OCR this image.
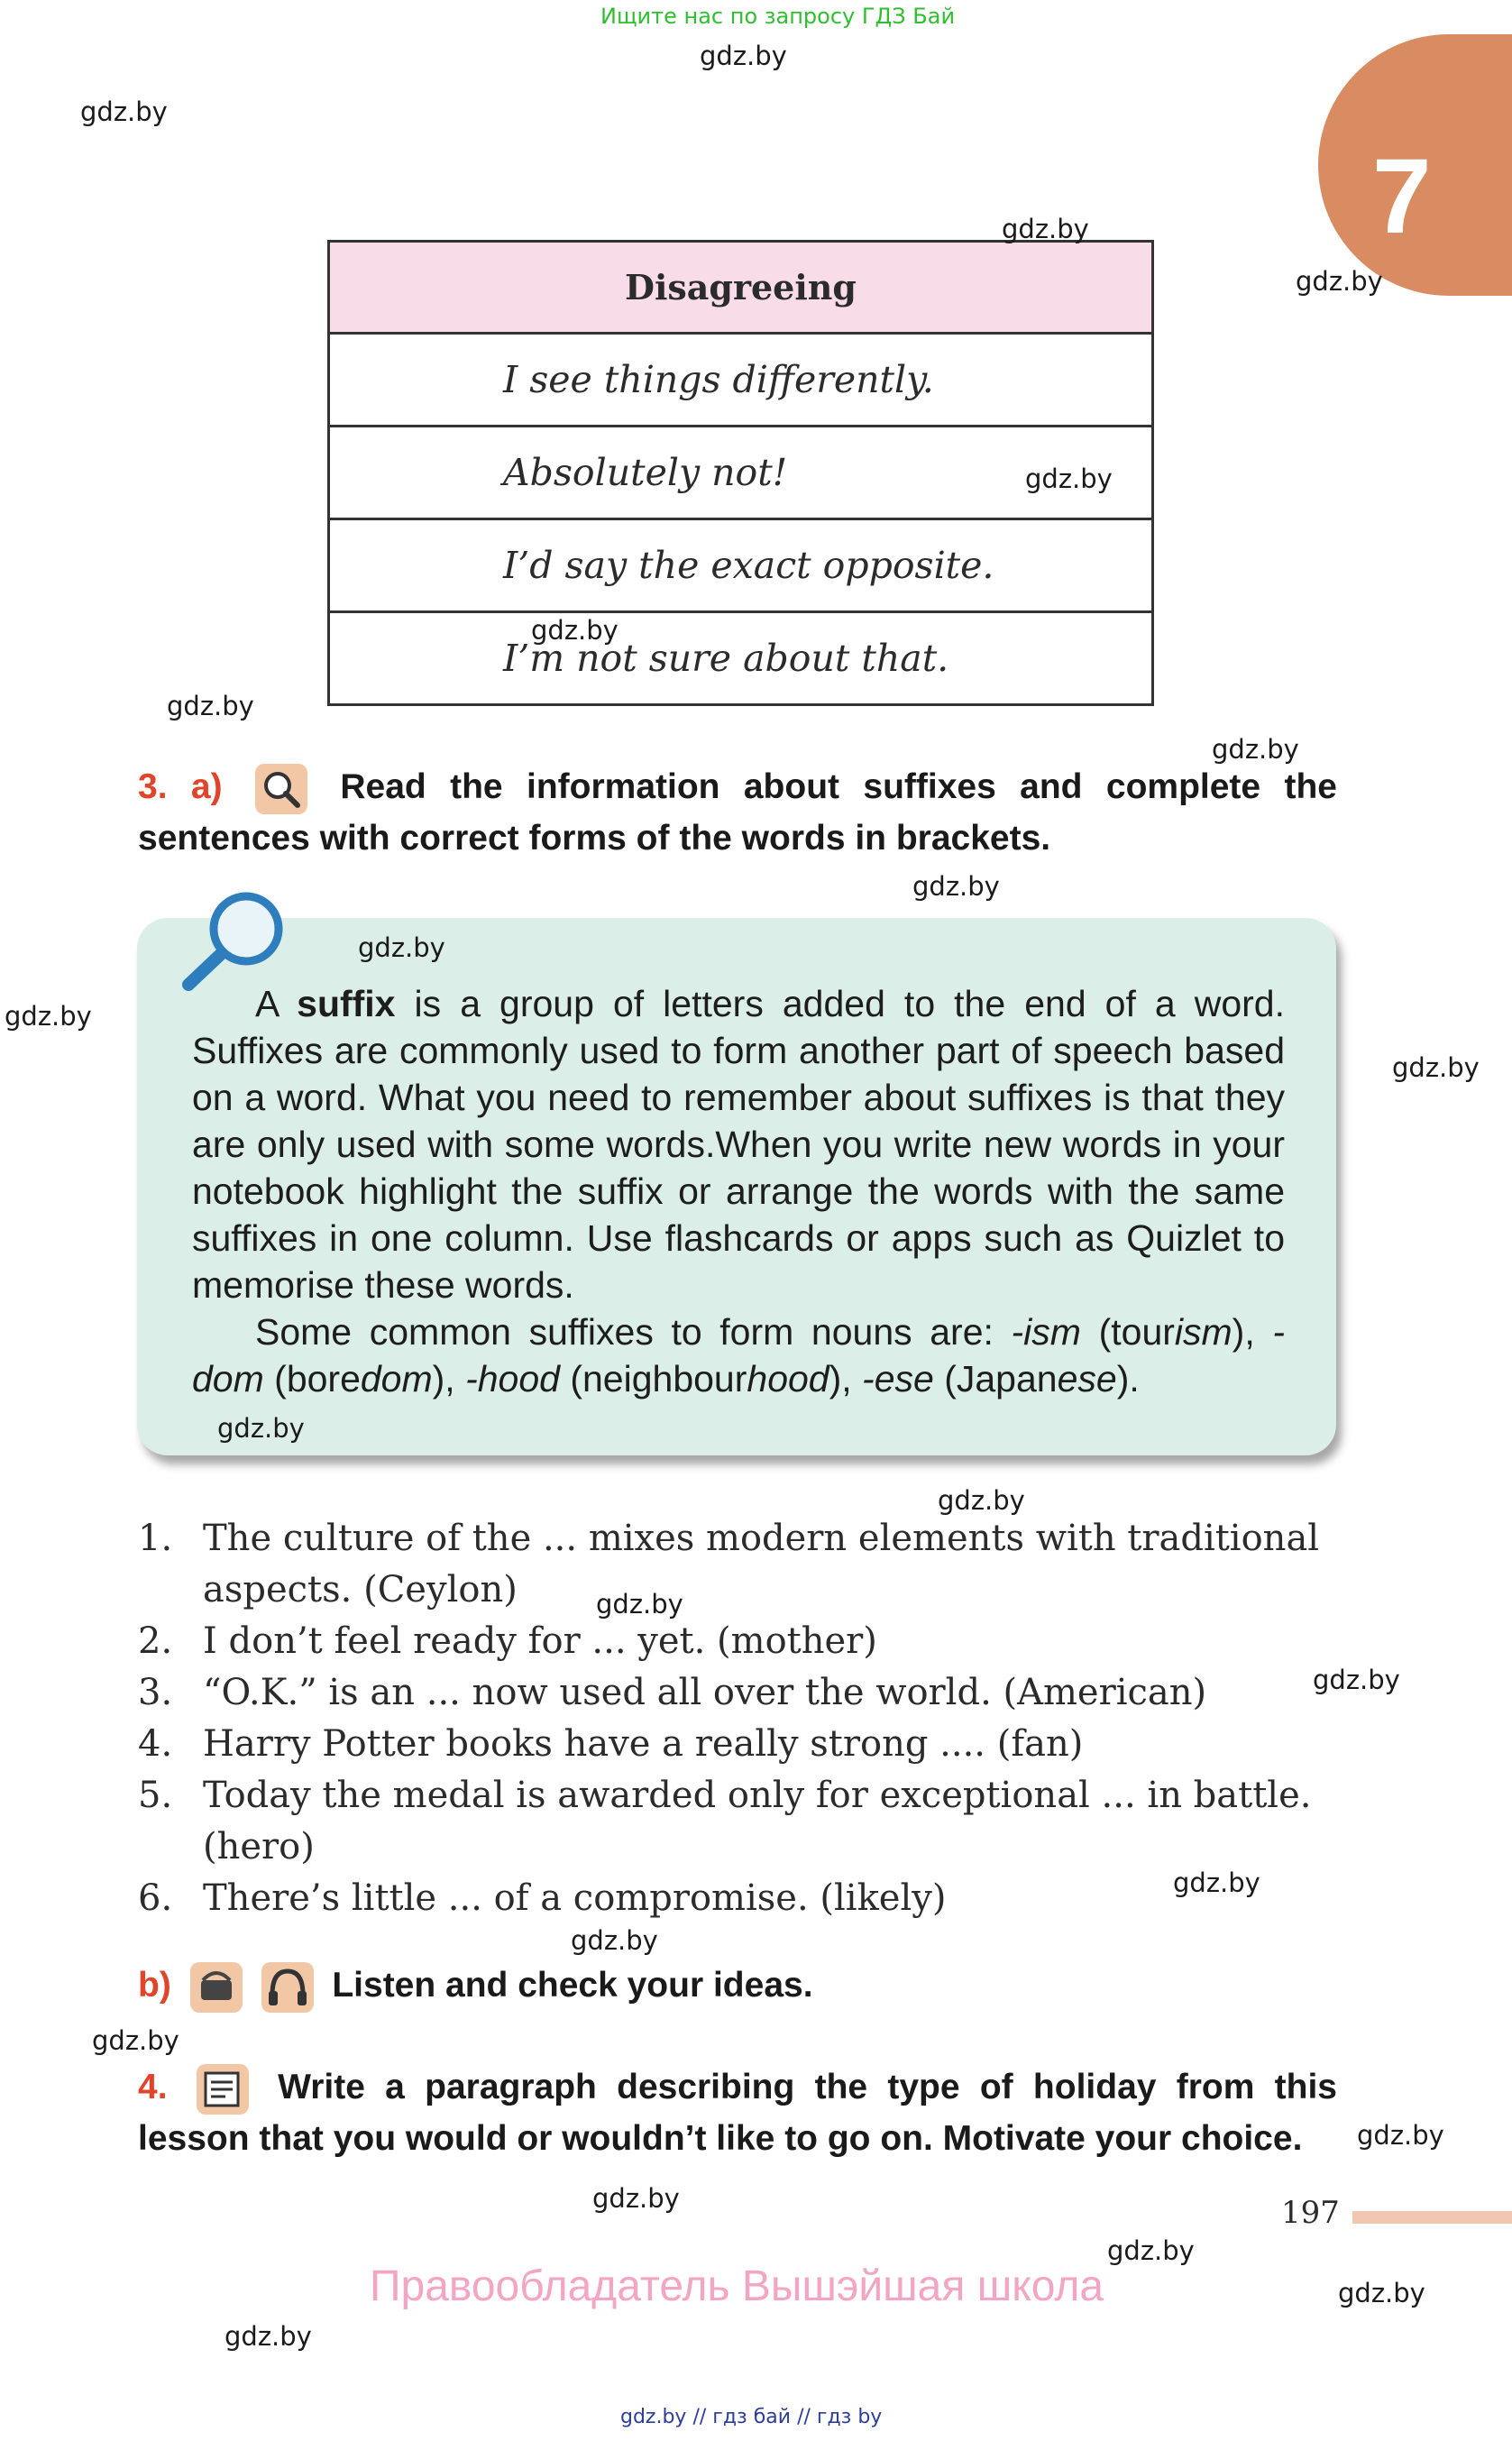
Ищите нас по запросу ГДЗ Бай
7
Disagreeing
I see things differently.
Absolutely not!
I’d say the exact opposite.
I’m not sure about that.
3. a)	Read the information about suffixes and complete the sentences with correct forms of the words in brackets.

A suffix is a group of letters added to the end of a word. Suffixes are commonly used to form another part of speech based on a word. What you need to remember about suffixes is that they are only used with some words.When you write new words in your notebook highlight the suffix or arrange the words with the same suffixes in one column. Use flashcards or apps such as Quizlet to memorise these words.

Some common suffixes to form nouns are: -ism (tourism), -dom (boredom), -hood (neighbourhood), -ese (Japanese).

1. The culture of the ... mixes modern elements with traditional aspects. (Ceylon)
2. I don’t feel ready for ... yet. (mother)
3. “O.K.” is an ... now used all over the world. (American)
4. Harry Potter books have a really strong .... (fan)
5. Today the medal is awarded only for exceptional ... in battle. (hero)
6. There’s little ... of a compromise. (likely)
b)	Listen and check your ideas.
4.	Write a paragraph describing the type of holiday from this lesson that you would or wouldn’t like to go on. Motivate your choice.
197
Правообладатель Вышэйшая школа
gdz.by // гдз бай // гдз by
gdz.by
gdz.by
gdz.by
gdz.by
gdz.by
gdz.by
gdz.by
gdz.by
gdz.by
gdz.by
gdz.by
gdz.by
gdz.by
gdz.by
gdz.by
gdz.by
gdz.by
gdz.by
gdz.by
gdz.by
gdz.by
gdz.by
gdz.by
gdz.by
